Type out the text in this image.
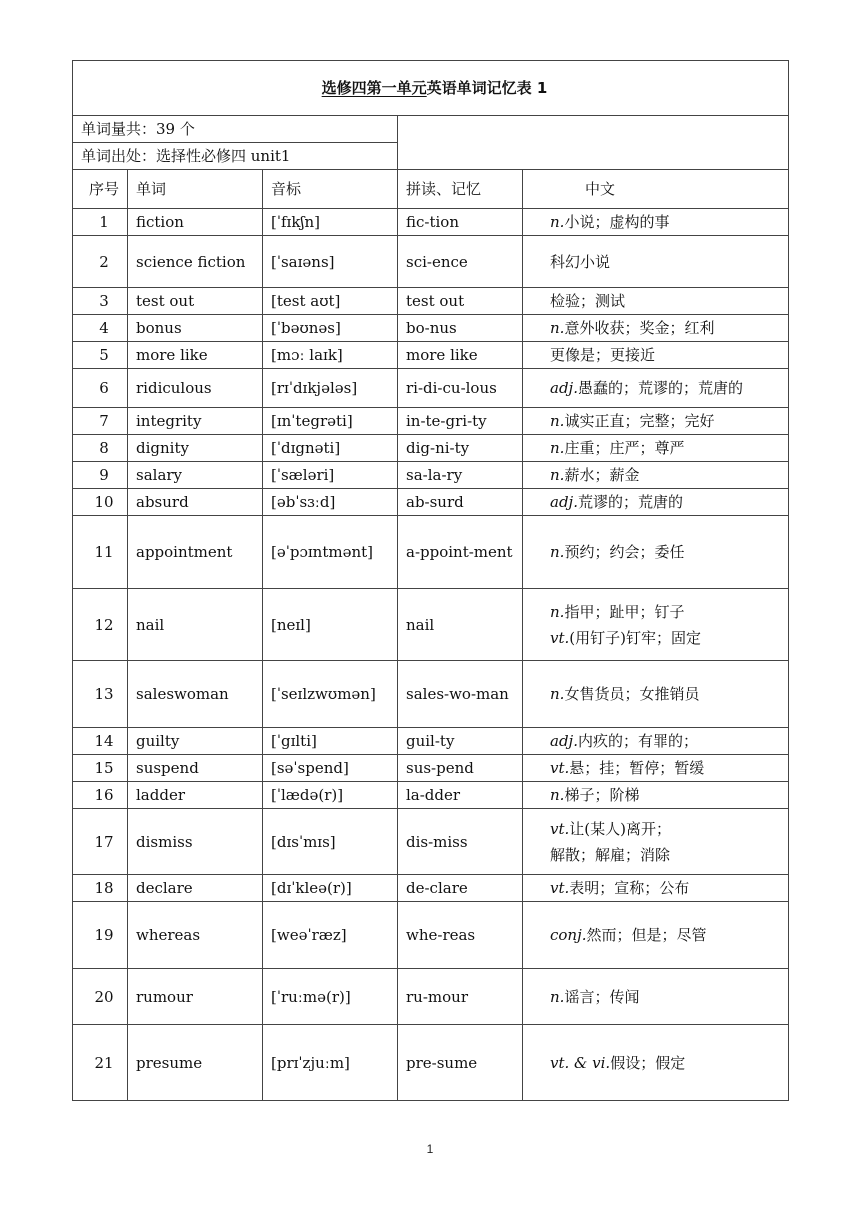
选修四第一单元英语单词记忆表 1				
单词量共：39 个				
单词出处：选择性必修四 unit1				
序号	单词	音标	拼读、记忆	中文
1	fiction	[ˈfɪkʃn]	fic-tion	n.小说；虚构的事

2	science fiction	[ˈsaɪəns]	sci-ence	科幻小说

3	test out	[test aʊt]	test out	检验；测试

4	bonus	[ˈbəʊnəs]	bo-nus	n.意外收获；奖金；红利

5	more like	[mɔː laɪk]	more like	更像是；更接近

6	ridiculous	[rɪˈdɪkjələs]	ri-di-cu-lous	adj.愚蠢的；荒谬的；荒唐的

7	integrity	[ɪnˈtegrəti]	in-te-gri-ty	n.诚实正直；完整；完好

8	dignity	[ˈdɪgnəti]	dig-ni-ty	n.庄重；庄严；尊严

9	salary	[ˈsæləri]	sa-la-ry	n.薪水；薪金

10	absurd	[əbˈsɜːd]	ab-surd	adj.荒谬的；荒唐的

11	appointment	[əˈpɔɪntmənt]	a-ppoint-ment	n.预约；约会；委任

12	nail	[neɪl]	nail	n.指甲；趾甲；钉子
vt.(用钉子)钉牢；固定

13	saleswoman	[ˈseɪlzwʊmən]	sales-wo-man	n.女售货员；女推销员

14	guilty	[ˈgɪlti]	guil-ty	adj.内疚的；有罪的；

15	suspend	[səˈspend]	sus-pend	vt.悬；挂；暂停；暂缓

16	ladder	[ˈlædə(r)]	la-dder	n.梯子；阶梯

17	dismiss	[dɪsˈmɪs]	dis-miss	vt.让(某人)离开；
解散；解雇；消除

18	declare	[dɪˈkleə(r)]	de-clare	vt.表明；宣称；公布

19	whereas	[weəˈræz]	whe-reas	conj.然而；但是；尽管

20	rumour	[ˈruːmə(r)]	ru-mour	n.谣言；传闻

21	presume	[prɪˈzjuːm]	pre-sume	vt. & vi.假设；假定
1
